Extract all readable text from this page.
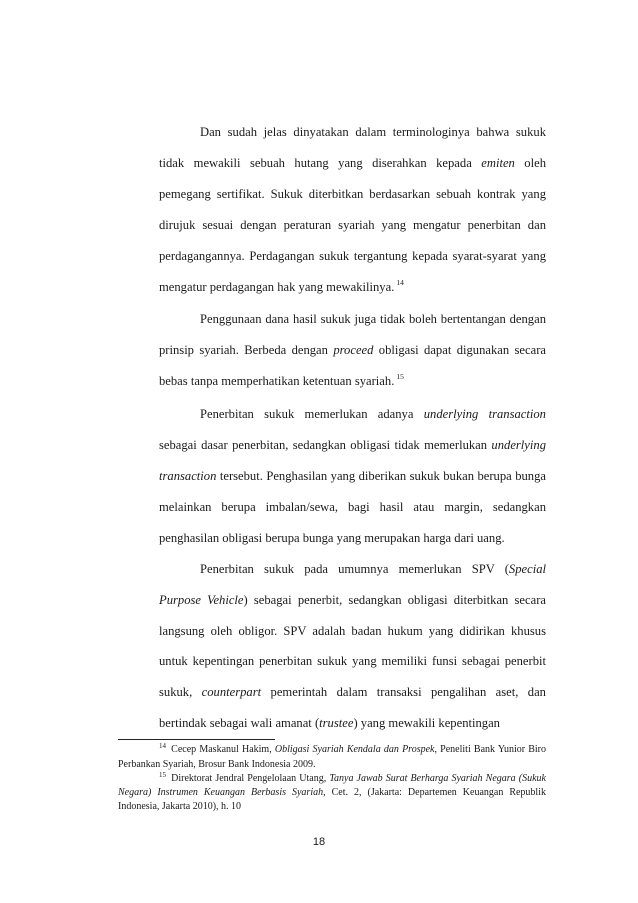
Dan sudah jelas dinyatakan dalam terminologinya bahwa sukuk tidak mewakili sebuah hutang yang diserahkan kepada emiten oleh pemegang sertifikat. Sukuk diterbitkan berdasarkan sebuah kontrak yang dirujuk sesuai dengan peraturan syariah yang mengatur penerbitan dan perdagangannya. Perdagangan sukuk tergantung kepada syarat-syarat yang mengatur perdagangan hak yang mewakilinya. $^{14}$

Penggunaan dana hasil sukuk juga tidak boleh bertentangan dengan prinsip syariah. Berbeda dengan proceed obligasi dapat digunakan secara bebas tanpa memperhatikan ketentuan syariah. $^{15}$

Penerbitan sukuk memerlukan adanya underlying transaction sebagai dasar penerbitan, sedangkan obligasi tidak memerlukan underlying transaction tersebut. Penghasilan yang diberikan sukuk bukan berupa bunga melainkan berupa imbalan/sewa, bagi hasil atau margin, sedangkan penghasilan obligasi berupa bunga yang merupakan harga dari uang.

Penerbitan sukuk pada umumnya memerlukan SPV (Special Purpose Vehicle) sebagai penerbit, sedangkan obligasi diterbitkan secara langsung oleh obligor. SPV adalah badan hukum yang didirikan khusus untuk kepentingan penerbitan sukuk yang memiliki funsi sebagai penerbit sukuk, counterpart pemerintah dalam transaksi pengalihan aset, dan bertindak sebagai wali amanat (trustee) yang mewakili kepentingan

$^{14}$ Cecep Maskanul Hakim, Obligasi Syariah Kendala dan Prospek, Peneliti Bank Yunior Biro Perbankan Syariah, Brosur Bank Indonesia 2009.

$^{15}$ Direktorat Jendral Pengelolaan Utang, Tanya Jawab Surat Berharga Syariah Negara (Sukuk Negara) Instrumen Keuangan Berbasis Syariah, Cet. 2, (Jakarta: Departemen Keuangan Republik Indonesia, Jakarta 2010), h. 10

18
